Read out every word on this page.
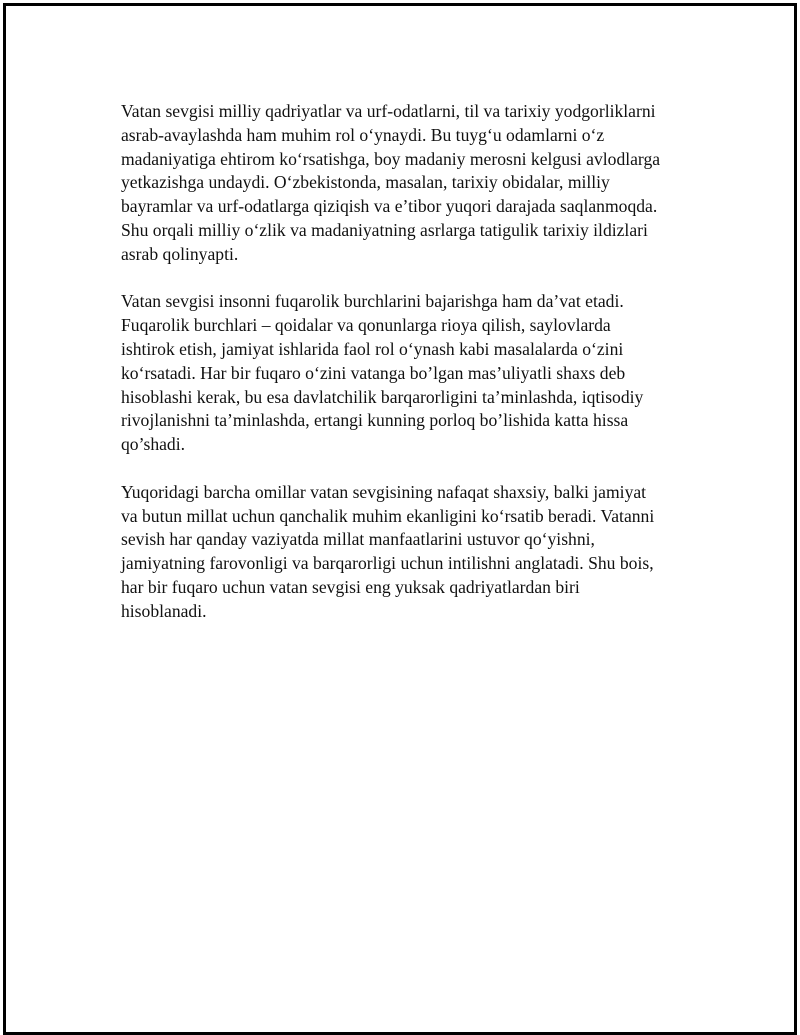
Vatan sevgisi milliy qadriyatlar va urf-odatlarni, til va tarixiy yodgorliklarni
asrab-avaylashda ham muhim rol o‘ynaydi. Bu tuyg‘u odamlarni o‘z
madaniyatiga ehtirom ko‘rsatishga, boy madaniy merosni kelgusi avlodlarga
yetkazishga undaydi. O‘zbekistonda, masalan, tarixiy obidalar, milliy
bayramlar va urf-odatlarga qiziqish va e’tibor yuqori darajada saqlanmoqda.
Shu orqali milliy o‘zlik va madaniyatning asrlarga tatigulik tarixiy ildizlari
asrab qolinyapti.

Vatan sevgisi insonni fuqarolik burchlarini bajarishga ham da’vat etadi.
Fuqarolik burchlari – qoidalar va qonunlarga rioya qilish, saylovlarda
ishtirok etish, jamiyat ishlarida faol rol o‘ynash kabi masalalarda o‘zini
ko‘rsatadi. Har bir fuqaro o‘zini vatanga bo’lgan mas’uliyatli shaxs deb
hisoblashi kerak, bu esa davlatchilik barqarorligini ta’minlashda, iqtisodiy
rivojlanishni ta’minlashda, ertangi kunning porloq bo’lishida katta hissa
qo’shadi.

Yuqoridagi barcha omillar vatan sevgisining nafaqat shaxsiy, balki jamiyat
va butun millat uchun qanchalik muhim ekanligini ko‘rsatib beradi. Vatanni
sevish har qanday vaziyatda millat manfaatlarini ustuvor qo‘yishni,
jamiyatning farovonligi va barqarorligi uchun intilishni anglatadi. Shu bois,
har bir fuqaro uchun vatan sevgisi eng yuksak qadriyatlardan biri
hisoblanadi.
